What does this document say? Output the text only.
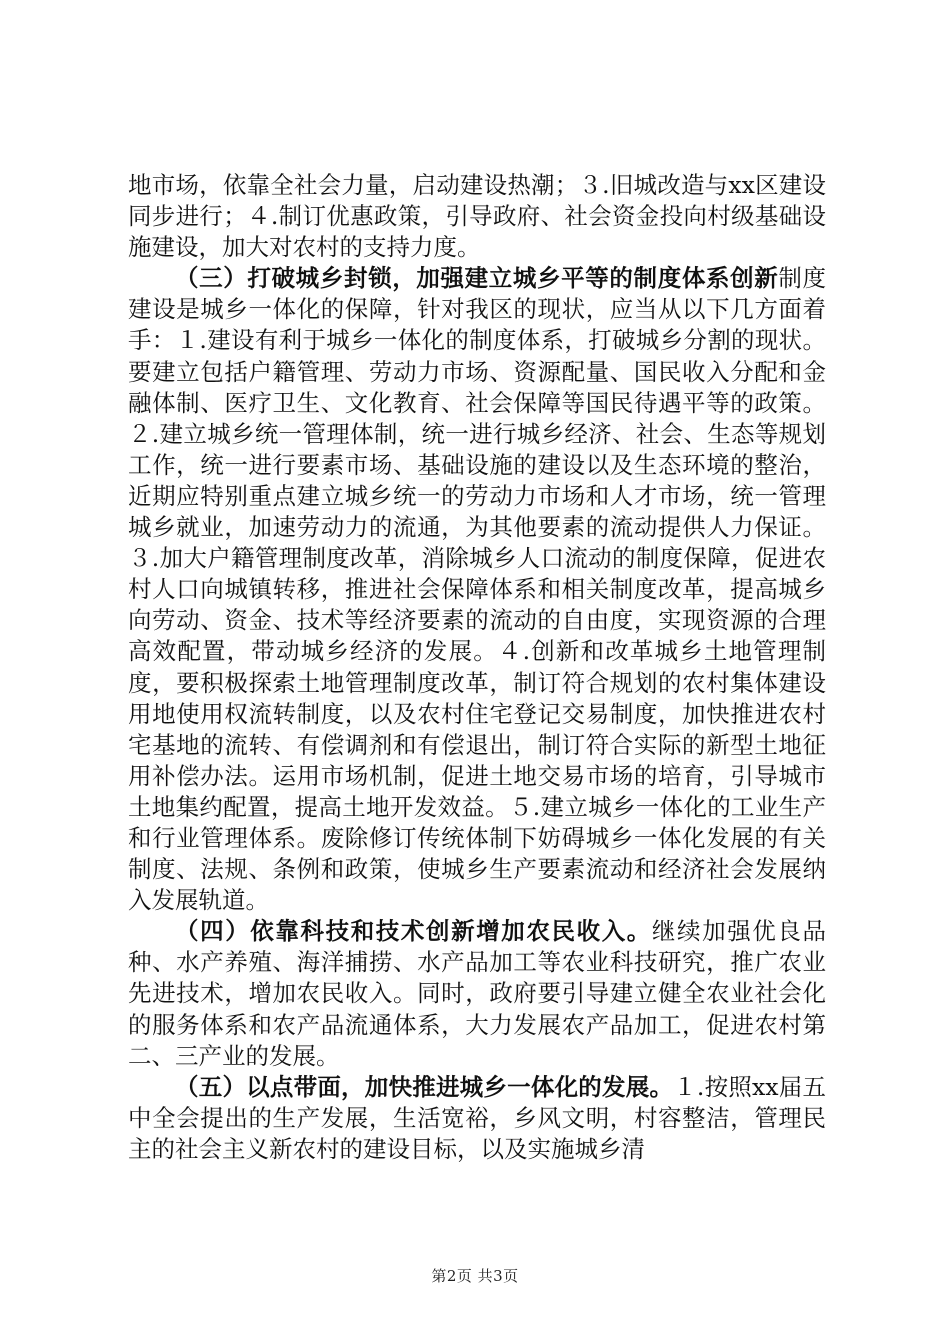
地市场，依靠全社会力量，启动建设热潮；３.旧城改造与xx区建设同步进行；４.制订优惠政策，引导政府、社会资金投向村级基础设施建设，加大对农村的支持力度。

（三）打破城乡封锁，加强建立城乡平等的制度体系创新制度建设是城乡一体化的保障，针对我区的现状，应当从以下几方面着手：１.建设有利于城乡一体化的制度体系，打破城乡分割的现状。要建立包括户籍管理、劳动力市场、资源配量、国民收入分配和金融体制、医疗卫生、文化教育、社会保障等国民待遇平等的政策。２.建立城乡统一管理体制，统一进行城乡经济、社会、生态等规划工作，统一进行要素市场、基础设施的建设以及生态环境的整治，近期应特别重点建立城乡统一的劳动力市场和人才市场，统一管理城乡就业，加速劳动力的流通，为其他要素的流动提供人力保证。３.加大户籍管理制度改革，消除城乡人口流动的制度保障，促进农村人口向城镇转移，推进社会保障体系和相关制度改革，提高城乡向劳动、资金、技术等经济要素的流动的自由度，实现资源的合理高效配置，带动城乡经济的发展。４.创新和改革城乡土地管理制度，要积极探索土地管理制度改革，制订符合规划的农村集体建设用地使用权流转制度，以及农村住宅登记交易制度，加快推进农村宅基地的流转、有偿调剂和有偿退出，制订符合实际的新型土地征用补偿办法。运用市场机制，促进土地交易市场的培育，引导城市土地集约配置，提高土地开发效益。５.建立城乡一体化的工业生产和行业管理体系。废除修订传统体制下妨碍城乡一体化发展的有关制度、法规、条例和政策，使城乡生产要素流动和经济社会发展纳入发展轨道。

（四）依靠科技和技术创新增加农民收入。继续加强优良品种、水产养殖、海洋捕捞、水产品加工等农业科技研究，推广农业先进技术，增加农民收入。同时，政府要引导建立健全农业社会化的服务体系和农产品流通体系，大力发展农产品加工，促进农村第二、三产业的发展。

（五）以点带面，加快推进城乡一体化的发展。１.按照xx届五中全会提出的生产发展，生活宽裕，乡风文明，村容整洁，管理民主的社会主义新农村的建设目标，以及实施城乡清

第2页 共3页
